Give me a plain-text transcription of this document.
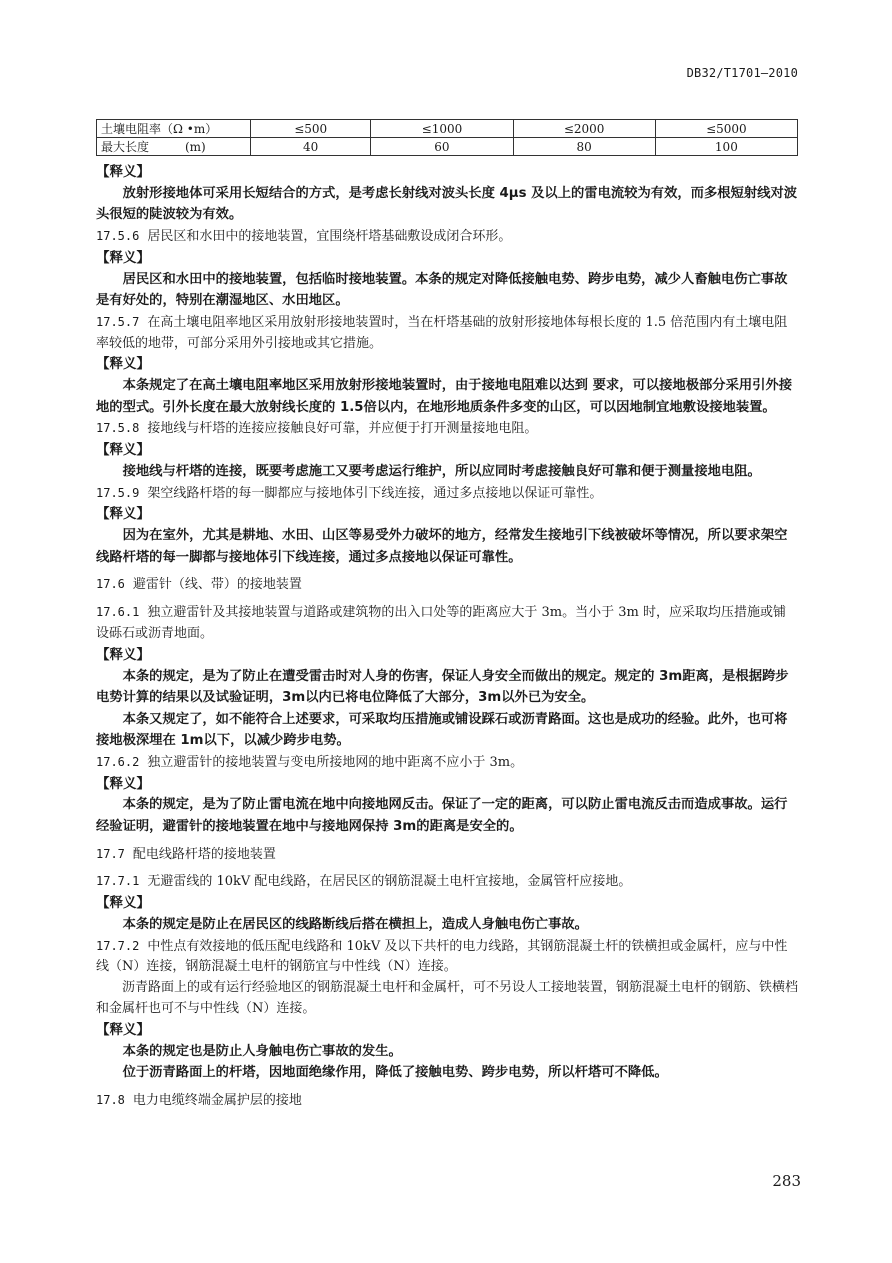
DB32/T1701—2010
土壤电阻率（Ω •m）	≤500	≤1000	≤2000	≤5000
最大长度　　　(m)	40	60	80	100

【释义】

放射形接地体可采用长短结合的方式，是考虑长射线对波头长度 4μs 及以上的雷电流较为有效，而多根短射线对波头很短的陡波较为有效。

17.5.6 居民区和水田中的接地装置，宜围绕杆塔基础敷设成闭合环形。

【释义】

居民区和水田中的接地装置，包括临时接地装置。本条的规定对降低接触电势、跨步电势，减少人畜触电伤亡事故是有好处的，特别在潮湿地区、水田地区。

17.5.7 在高土壤电阻率地区采用放射形接地装置时，当在杆塔基础的放射形接地体每根长度的 1.5 倍范围内有土壤电阻率较低的地带，可部分采用外引接地或其它措施。

【释义】

本条规定了在高土壤电阻率地区采用放射形接地装置时，由于接地电阻难以达到 要求，可以接地极部分采用引外接地的型式。引外长度在最大放射线长度的 1.5倍以内，在地形地质条件多变的山区，可以因地制宜地敷设接地装置。

17.5.8 接地线与杆塔的连接应接触良好可靠，并应便于打开测量接地电阻。

【释义】

接地线与杆塔的连接，既要考虑施工又要考虑运行维护，所以应同时考虑接触良好可靠和便于测量接地电阻。

17.5.9 架空线路杆塔的每一脚都应与接地体引下线连接，通过多点接地以保证可靠性。

【释义】

因为在室外，尤其是耕地、水田、山区等易受外力破坏的地方，经常发生接地引下线被破坏等情况，所以要求架空线路杆塔的每一脚都与接地体引下线连接，通过多点接地以保证可靠性。

17.6 避雷针（线、带）的接地装置

17.6.1 独立避雷针及其接地装置与道路或建筑物的出入口处等的距离应大于 3m。当小于 3m 时，应采取均压措施或铺设砾石或沥青地面。

【释义】

本条的规定，是为了防止在遭受雷击时对人身的伤害，保证人身安全而做出的规定。规定的 3m距离，是根据跨步电势计算的结果以及试验证明，3m以内已将电位降低了大部分，3m以外已为安全。

本条又规定了，如不能符合上述要求，可采取均压措施或铺设踩石或沥青路面。这也是成功的经验。此外，也可将接地极深埋在 1m以下，以减少跨步电势。

17.6.2 独立避雷针的接地装置与变电所接地网的地中距离不应小于 3m。

【释义】

本条的规定，是为了防止雷电流在地中向接地网反击。保证了一定的距离，可以防止雷电流反击而造成事故。运行经验证明，避雷针的接地装置在地中与接地网保持 3m的距离是安全的。

17.7 配电线路杆塔的接地装置

17.7.1 无避雷线的 10kV 配电线路，在居民区的钢筋混凝土电杆宜接地，金属管杆应接地。

【释义】

本条的规定是防止在居民区的线路断线后搭在横担上，造成人身触电伤亡事故。

17.7.2 中性点有效接地的低压配电线路和 10kV 及以下共杆的电力线路，其钢筋混凝土杆的铁横担或金属杆，应与中性线（N）连接，钢筋混凝土电杆的钢筋宜与中性线（N）连接。

沥青路面上的或有运行经验地区的钢筋混凝土电杆和金属杆，可不另设人工接地装置，钢筋混凝土电杆的钢筋、铁横档和金属杆也可不与中性线（N）连接。

【释义】

本条的规定也是防止人身触电伤亡事故的发生。

位于沥青路面上的杆塔，因地面绝缘作用，降低了接触电势、跨步电势，所以杆塔可不降低。

17.8 电力电缆终端金属护层的接地

283
